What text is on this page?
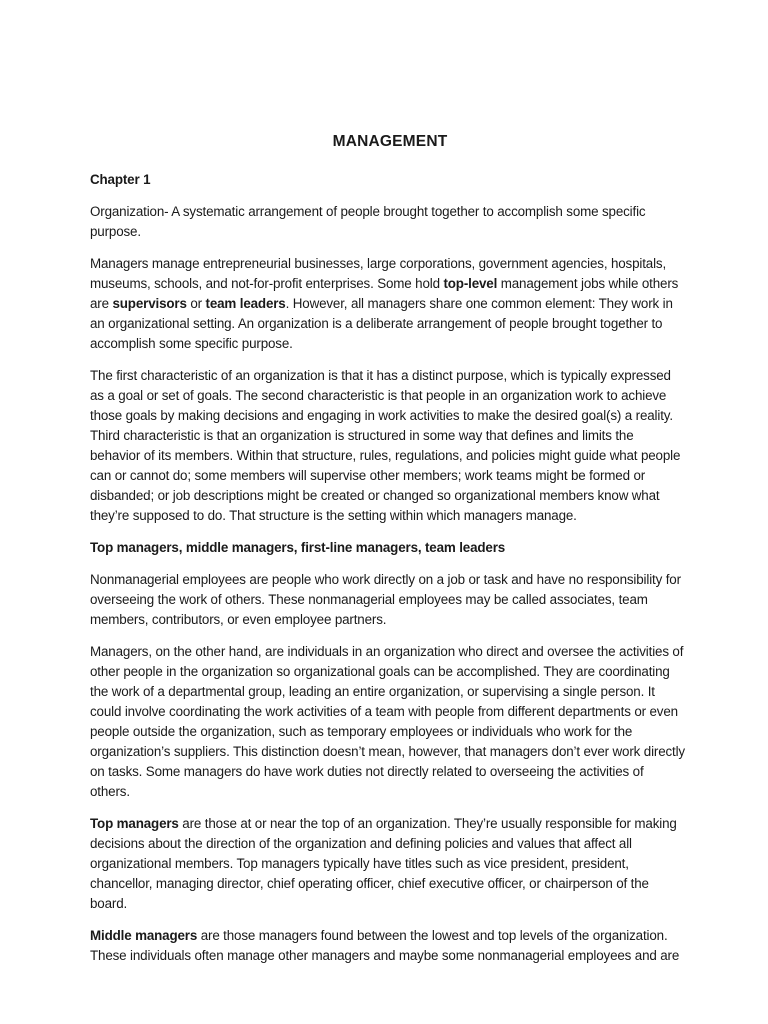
MANAGEMENT
Chapter 1

Organization- A systematic arrangement of people brought together to accomplish some specific purpose.

Managers manage entrepreneurial businesses, large corporations, government agencies, hospitals, museums, schools, and not-for-profit enterprises. Some hold top-level management jobs while others are supervisors or team leaders. However, all managers share one common element: They work in an organizational setting. An organization is a deliberate arrangement of people brought together to accomplish some specific purpose.

The first characteristic of an organization is that it has a distinct purpose, which is typically expressed as a goal or set of goals. The second characteristic is that people in an organization work to achieve those goals by making decisions and engaging in work activities to make the desired goal(s) a reality. Third characteristic is that an organization is structured in some way that defines and limits the behavior of its members. Within that structure, rules, regulations, and policies might guide what people can or cannot do; some members will supervise other members; work teams might be formed or disbanded; or job descriptions might be created or changed so organizational members know what they’re supposed to do. That structure is the setting within which managers manage.

Top managers, middle managers, first-line managers, team leaders

Nonmanagerial employees are people who work directly on a job or task and have no responsibility for overseeing the work of others. These nonmanagerial employees may be called associates, team members, contributors, or even employee partners.

Managers, on the other hand, are individuals in an organization who direct and oversee the activities of other people in the organization so organizational goals can be accomplished. They are coordinating the work of a departmental group, leading an entire organization, or supervising a single person. It could involve coordinating the work activities of a team with people from different departments or even people outside the organization, such as temporary employees or individuals who work for the organization’s suppliers. This distinction doesn’t mean, however, that managers don’t ever work directly on tasks. Some managers do have work duties not directly related to overseeing the activities of others.

Top managers are those at or near the top of an organization. They’re usually responsible for making decisions about the direction of the organization and defining policies and values that affect all organizational members. Top managers typically have titles such as vice president, president, chancellor, managing director, chief operating officer, chief executive officer, or chairperson of the board.

Middle managers are those managers found between the lowest and top levels of the organization. These individuals often manage other managers and maybe some nonmanagerial employees and are
